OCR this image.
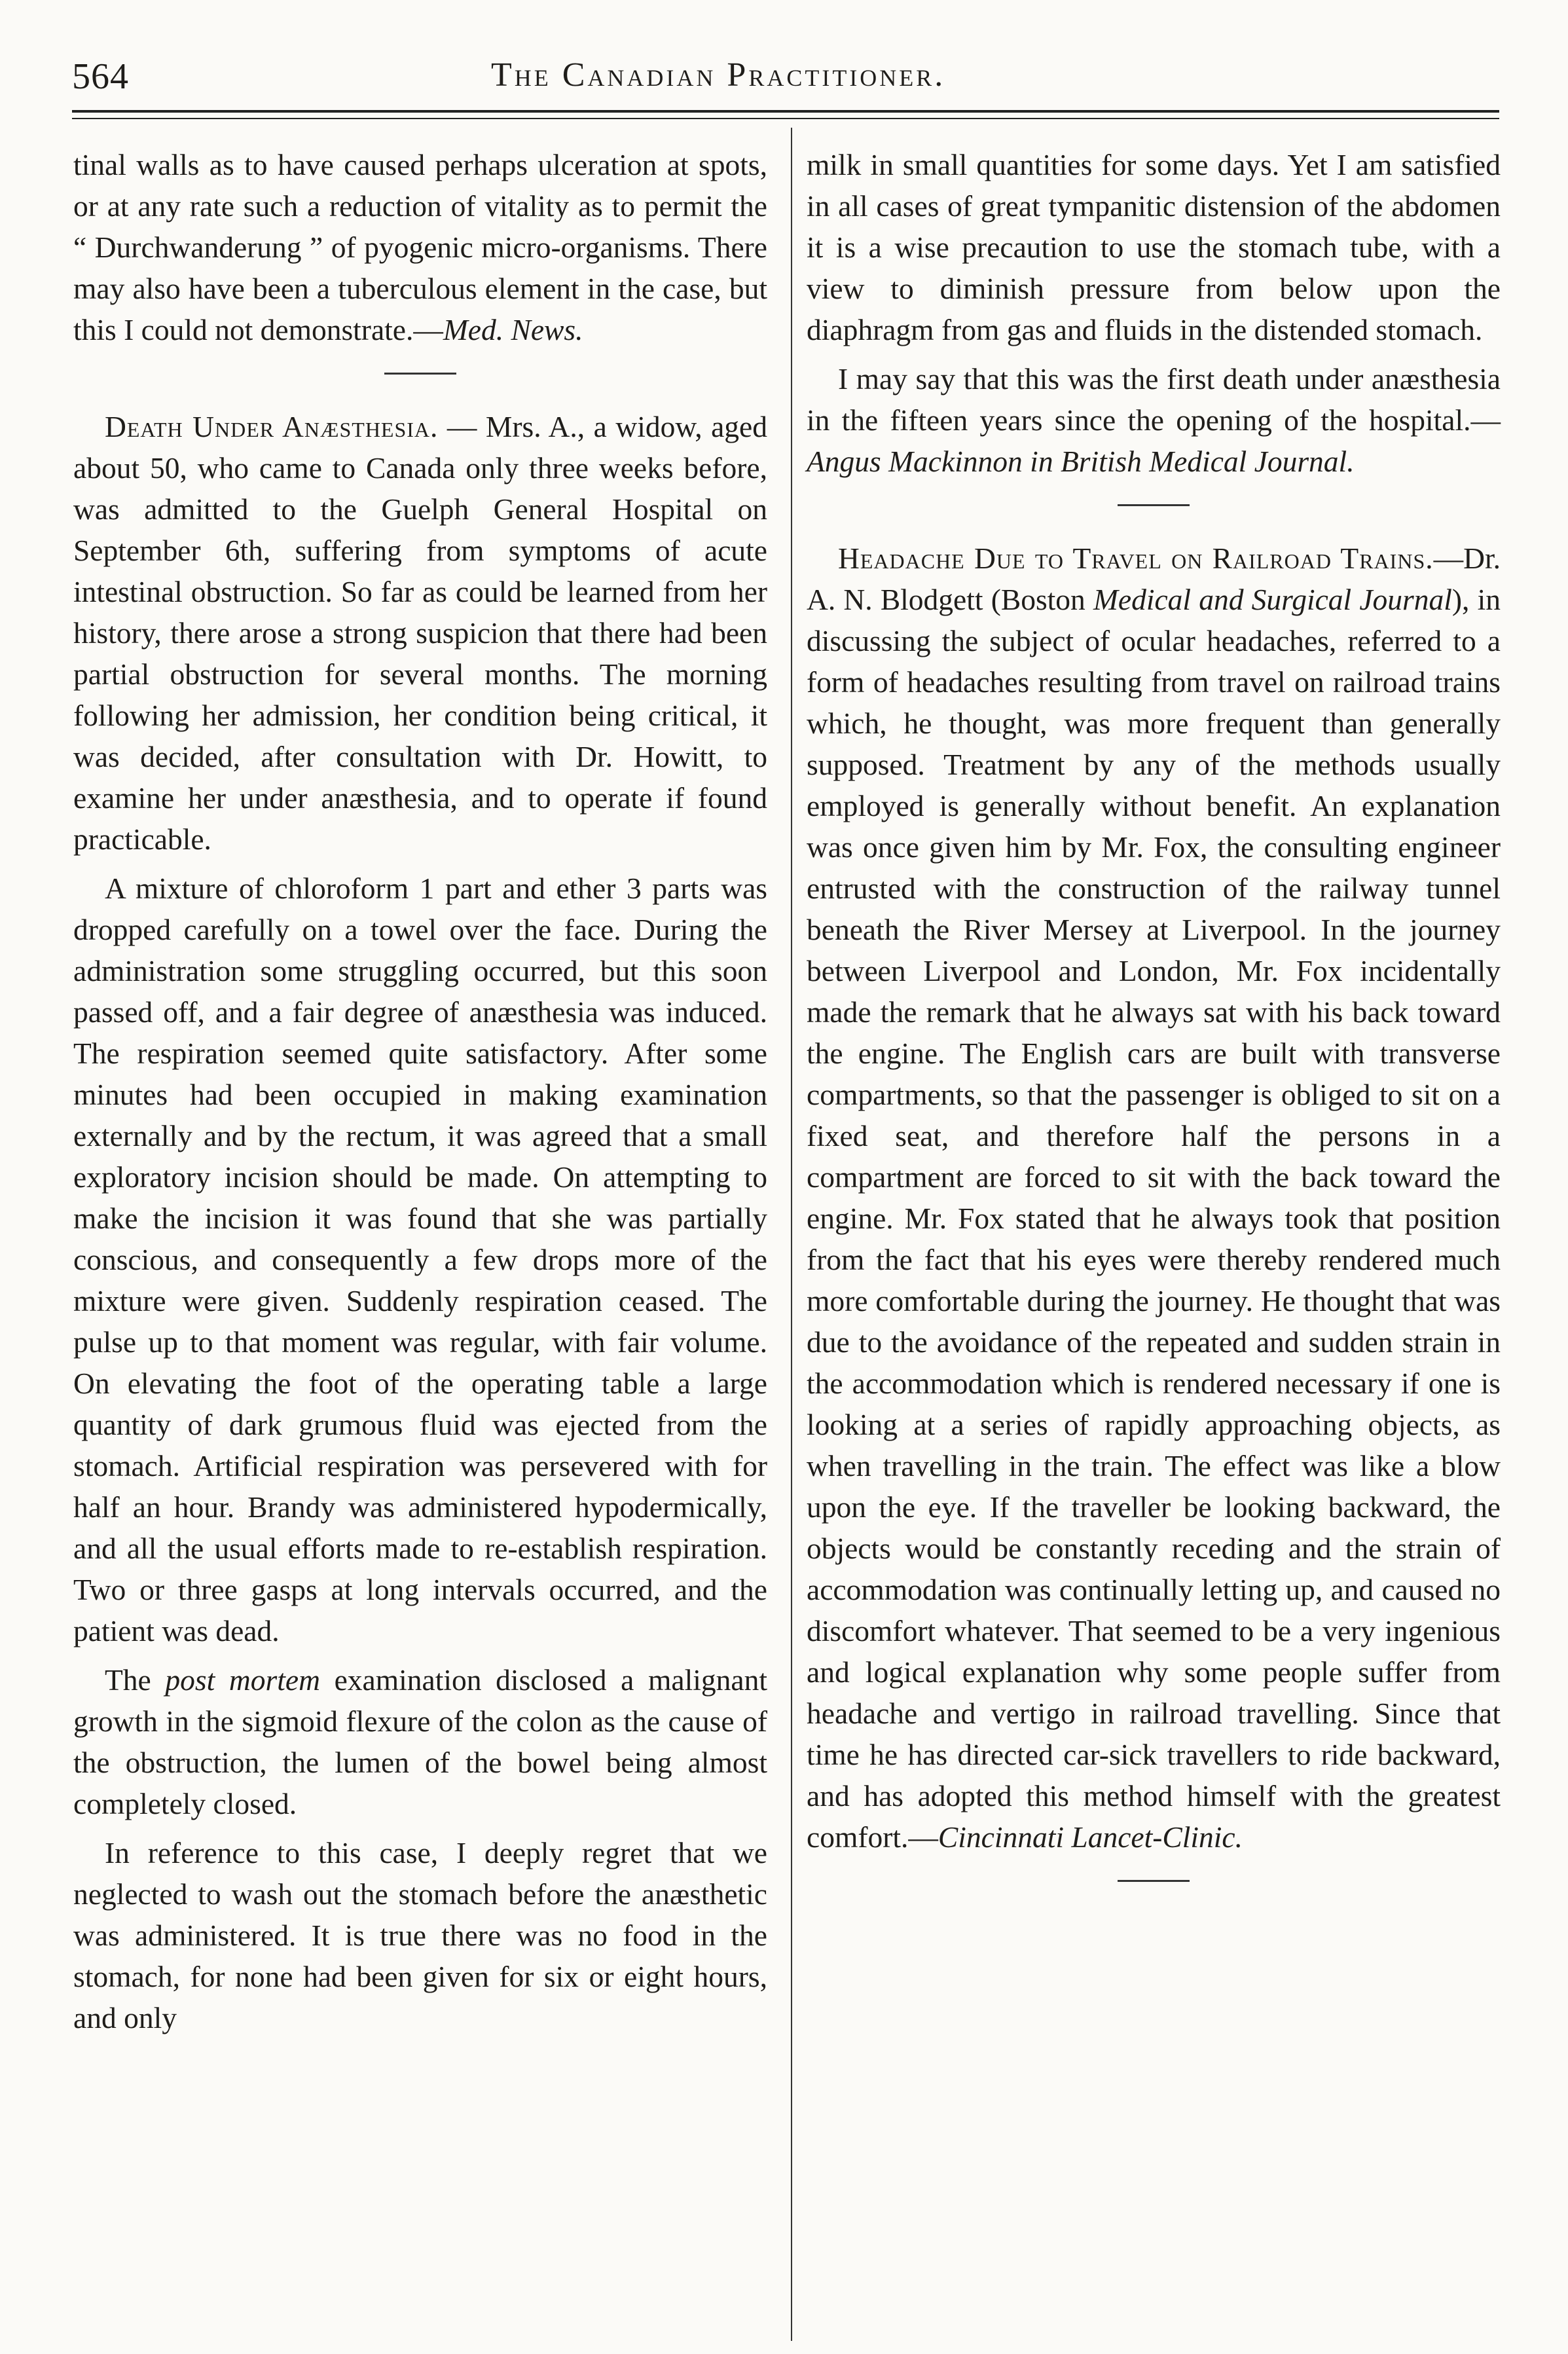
564	The Canadian Practitioner.

tinal walls as to have caused perhaps ulceration at spots, or at any rate such a reduction of vitality as to permit the “ Durchwanderung ” of pyogenic micro-organisms. There may also have been a tuberculous element in the case, but this I could not demonstrate.—Med. News.

Death Under Anæsthesia. — Mrs. A., a widow, aged about 50, who came to Canada only three weeks before, was admitted to the Guelph General Hospital on September 6th, suffering from symptoms of acute intestinal obstruction. So far as could be learned from her history, there arose a strong suspicion that there had been partial obstruction for several months. The morning following her admission, her condition being critical, it was decided, after consultation with Dr. Howitt, to examine her under anæsthesia, and to operate if found practicable.

A mixture of chloroform 1 part and ether 3 parts was dropped carefully on a towel over the face. During the administration some struggling occurred, but this soon passed off, and a fair degree of anæsthesia was induced. The respiration seemed quite satisfactory. After some minutes had been occupied in making examination externally and by the rectum, it was agreed that a small exploratory incision should be made. On attempting to make the incision it was found that she was partially conscious, and consequently a few drops more of the mixture were given. Suddenly respiration ceased. The pulse up to that moment was regular, with fair volume. On elevating the foot of the operating table a large quantity of dark grumous fluid was ejected from the stomach. Artificial respiration was persevered with for half an hour. Brandy was administered hypodermically, and all the usual efforts made to re-establish respiration. Two or three gasps at long intervals occurred, and the patient was dead.

The post mortem examination disclosed a malignant growth in the sigmoid flexure of the colon as the cause of the obstruction, the lumen of the bowel being almost completely closed.

In reference to this case, I deeply regret that we neglected to wash out the stomach before the anæsthetic was administered. It is true there was no food in the stomach, for none had been given for six or eight hours, and only

milk in small quantities for some days. Yet I am satisfied in all cases of great tympanitic distension of the abdomen it is a wise precaution to use the stomach tube, with a view to diminish pressure from below upon the diaphragm from gas and fluids in the distended stomach.

I may say that this was the first death under anæsthesia in the fifteen years since the opening of the hospital.— Angus Mackinnon in British Medical Journal.

Headache Due to Travel on Railroad Trains.—Dr. A. N. Blodgett (Boston Medical and Surgical Journal), in discussing the subject of ocular headaches, referred to a form of headaches resulting from travel on railroad trains which, he thought, was more frequent than generally supposed. Treatment by any of the methods usually employed is generally without benefit. An explanation was once given him by Mr. Fox, the consulting engineer entrusted with the construction of the railway tunnel beneath the River Mersey at Liverpool. In the journey between Liverpool and London, Mr. Fox incidentally made the remark that he always sat with his back toward the engine. The English cars are built with transverse compartments, so that the passenger is obliged to sit on a fixed seat, and therefore half the persons in a compartment are forced to sit with the back toward the engine. Mr. Fox stated that he always took that position from the fact that his eyes were thereby rendered much more comfortable during the journey. He thought that was due to the avoidance of the repeated and sudden strain in the accommodation which is rendered necessary if one is looking at a series of rapidly approaching objects, as when travelling in the train. The effect was like a blow upon the eye. If the traveller be looking backward, the objects would be constantly receding and the strain of accommodation was continually letting up, and caused no discomfort whatever. That seemed to be a very ingenious and logical explanation why some people suffer from headache and vertigo in railroad travelling. Since that time he has directed car-sick travellers to ride backward, and has adopted this method himself with the greatest comfort.—Cincinnati Lancet-Clinic.
